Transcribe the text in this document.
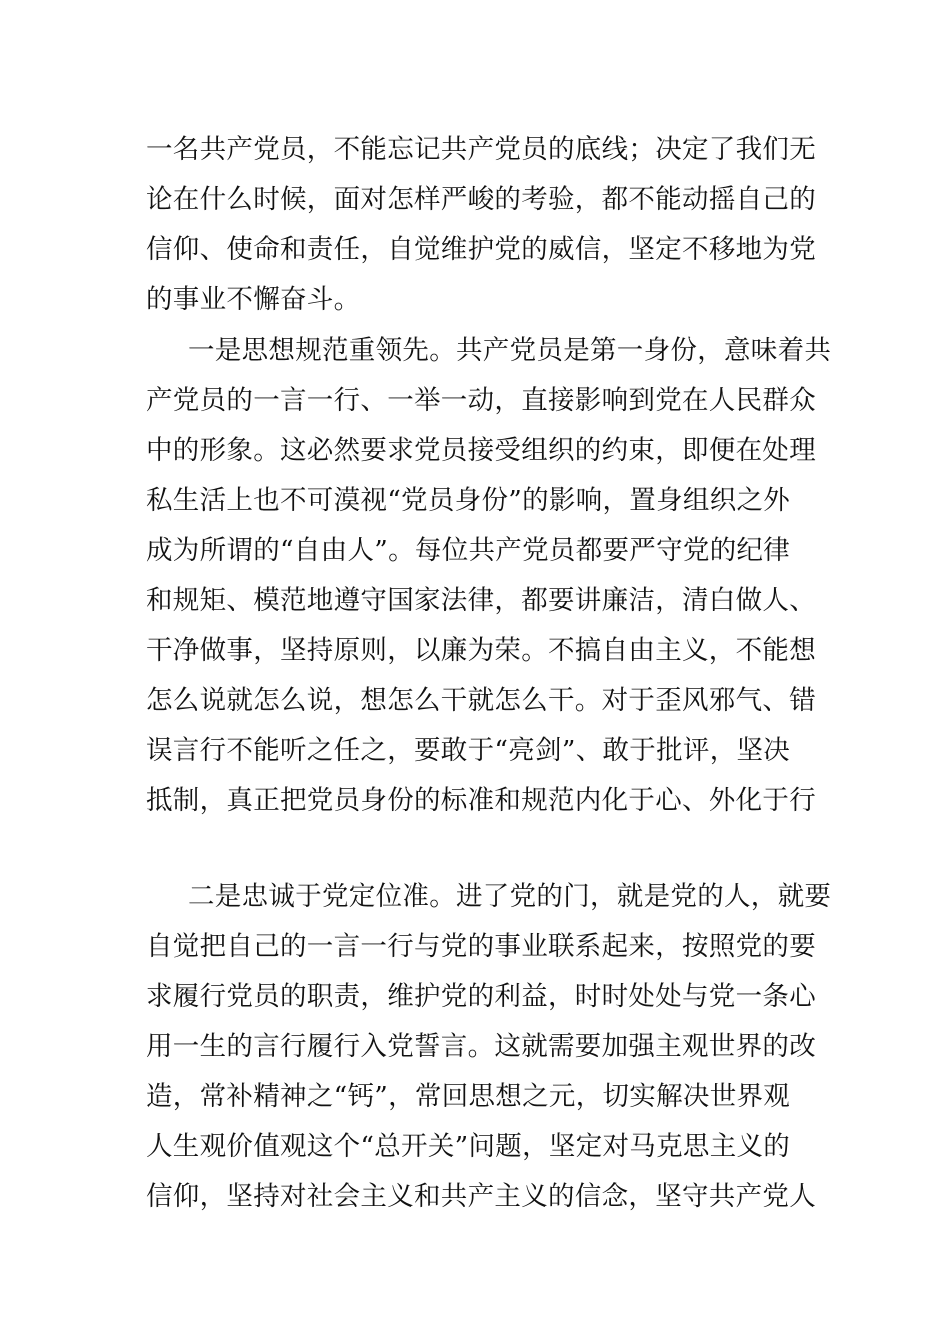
一名共产党员，不能忘记共产党员的底线；决定了我们无
论在什么时候，面对怎样严峻的考验，都不能动摇自己的
信仰、使命和责任，自觉维护党的威信，坚定不移地为党
的事业不懈奋斗。
一是思想规范重领先。共产党员是第一身份，意味着共
产党员的一言一行、一举一动，直接影响到党在人民群众
中的形象。这必然要求党员接受组织的约束，即便在处理
私生活上也不可漠视“党员身份”的影响，置身组织之外
成为所谓的“自由人”。每位共产党员都要严守党的纪律
和规矩、模范地遵守国家法律，都要讲廉洁，清白做人、
干净做事，坚持原则，以廉为荣。不搞自由主义，不能想
怎么说就怎么说，想怎么干就怎么干。对于歪风邪气、错
误言行不能听之任之，要敢于“亮剑”、敢于批评，坚决
抵制，真正把党员身份的标准和规范内化于心、外化于行
二是忠诚于党定位准。进了党的门，就是党的人，就要
自觉把自己的一言一行与党的事业联系起来，按照党的要
求履行党员的职责，维护党的利益，时时处处与党一条心
用一生的言行履行入党誓言。这就需要加强主观世界的改
造，常补精神之“钙”，常回思想之元，切实解决世界观
人生观价值观这个“总开关”问题，坚定对马克思主义的
信仰，坚持对社会主义和共产主义的信念，坚守共产党人
